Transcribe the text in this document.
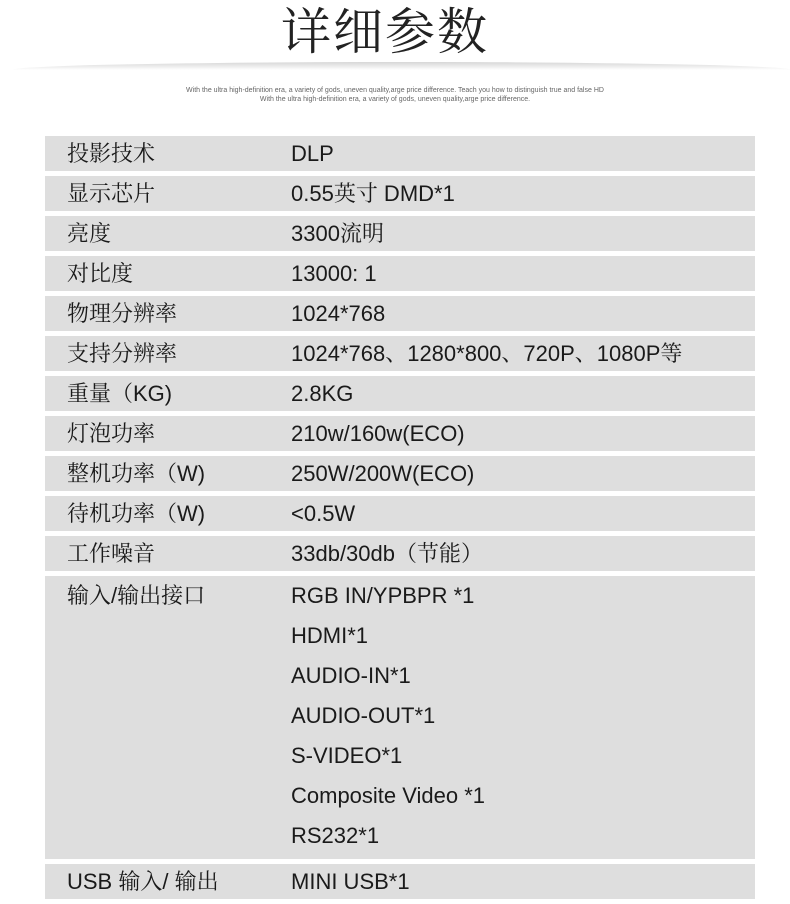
详细参数
With the ultra high-definition era, a variety of gods, uneven quality,arge price difference. Teach you how to distinguish true and false HD
With the ultra high-definition era, a variety of gods, uneven quality,arge price difference.
投影技术	DLP
显示芯片	0.55英寸 DMD*1
亮度	3300流明
对比度	13000: 1
物理分辨率	1024*768
支持分辨率	1024*768、1280*800、720P、1080P等
重量（KG)	2.8KG
灯泡功率	210w/160w(ECO)
整机功率（W)	250W/200W(ECO)
待机功率（W)	<0.5W
工作噪音	33db/30db（节能）
输入/输出接口	RGB IN/YPBPR *1
HDMI*1
AUDIO-IN*1
AUDIO-OUT*1
S-VIDEO*1
Composite Video *1
RS232*1
USB 输入/ 输出	MINI USB*1
